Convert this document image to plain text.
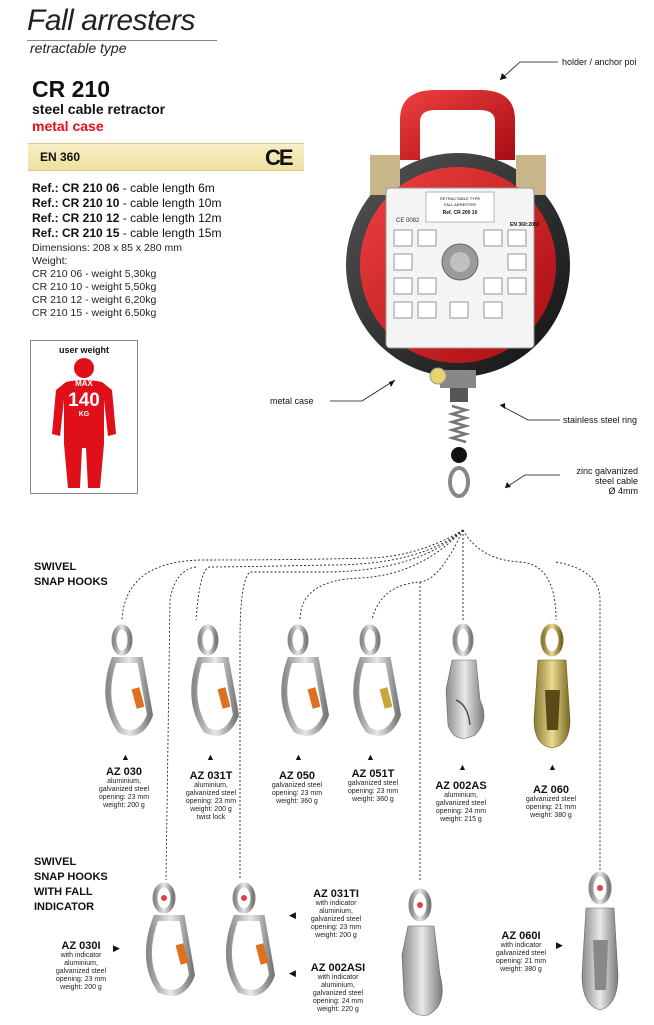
Fall arresters
retractable type
CR 210
steel cable retractor
metal case
EN 360	CE
Ref.: CR 210 06 - cable length 6m
Ref.: CR 210 10 - cable length 10m
Ref.: CR 210 12 - cable length 12m
Ref.: CR 210 15 - cable length 15m
Dimensions: 208 x 85 x 280 mm
Weight:
CR 210 06 - weight 5,30kg
CR 210 10 - weight 5,50kg
CR 210 12 - weight 6,20kg
CR 210 15 - weight 6,50kg
user weight
MAX
140
KG
RETRACTABLE TYPE
FALL ARRESTER
Ref. CR 200 10
CE 0082
EN 360:2002
holder / anchor poi
metal case
stainless steel ring
zinc galvanized
steel cable
Ø 4mm
SWIVEL
SNAP HOOKS
SWIVEL
SNAP HOOKS
WITH FALL
INDICATOR
▲	▲	▲	▲
▲	▲
▶
◀
◀
▶
AZ 030
aluminium,
galvanized steel
opening: 23 mm
weight: 200 g
AZ 031T
aluminium,
galvanized steel
opening: 23 mm
weight: 200 g
twist lock
AZ 050
galvanized steel
opening: 23 mm
weight: 360 g
AZ 051T
galvanized steel
opening: 23 mm
weight: 360 g
AZ 002AS
aluminium,
galvanized steel
opening: 24 mm
weight: 215 g
AZ 060
galvanized steel
opening: 21 mm
weight: 380 g
AZ 030I
with indicator
aluminium,
galvanized steel
opening: 23 mm
weight: 200 g
AZ 031TI
with indicator
aluminium,
galvanized steel
opening: 23 mm
weight: 200 g
AZ 002ASI
with indicator
aluminium,
galvanized steel
opening: 24 mm
weight: 220 g
AZ 060I
with indicator
galvanized steel
opening: 21 mm
weight: 380 g
